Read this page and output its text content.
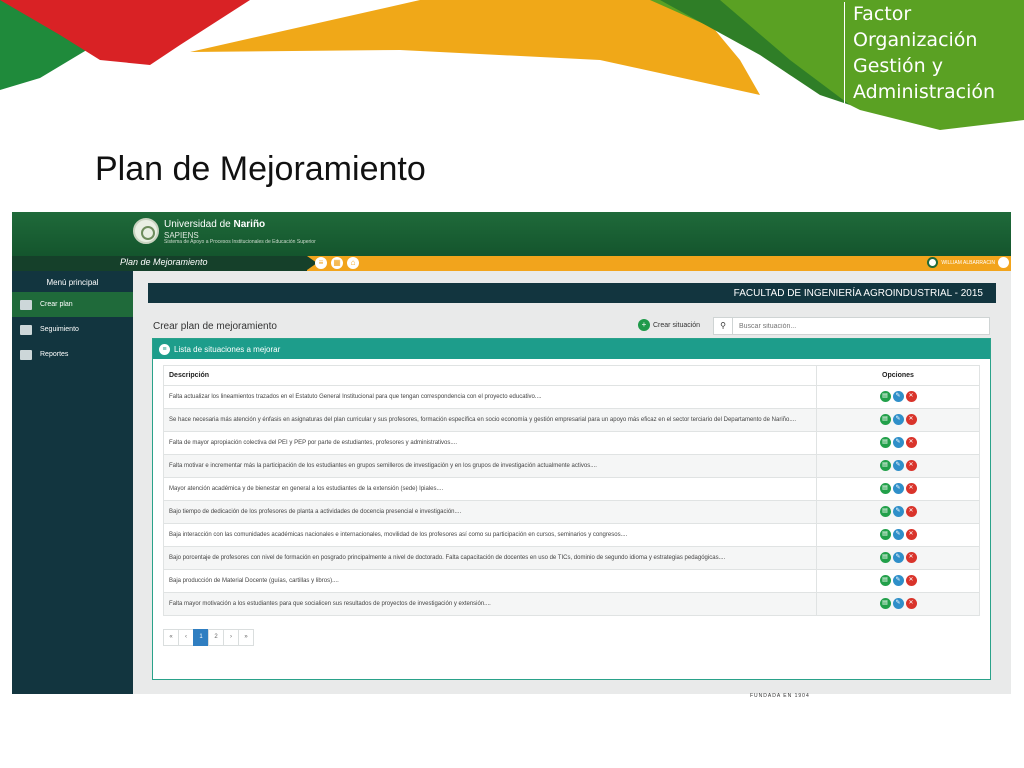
Factor
Organización
Gestión y
Administración
Plan de Mejoramiento
Universidad de Nariño
SAPIENS
Sistema de Apoyo a Procesos Institucionales de Educación Superior
Plan de Mejoramiento	≡	▦	⌂	WILLIAM ALBARRACIN
Menú principal
Crear plan
Seguimiento
Reportes
FACULTAD DE INGENIERÍA AGROINDUSTRIAL - 2015
Crear plan de mejoramiento	+ Crear situación	⚲
Buscar situación...
≡ Lista de situaciones a mejorar
Descripción	Opciones
Falta actualizar los lineamientos trazados en el Estatuto General Institucional para que tengan correspondencia con el proyecto educativo....	▤ ✎ ✕
Se hace necesaria más atención y énfasis en asignaturas del plan curricular y sus profesores, formación específica en socio economía y gestión empresarial para un apoyo más eficaz en el sector terciario del Departamento de Nariño....	▤ ✎ ✕
Falta de mayor apropiación colectiva del PEI y PEP por parte de estudiantes, profesores y administrativos....	▤ ✎ ✕
Falta motivar e incrementar más la participación de los estudiantes en grupos semilleros de investigación y en los grupos de investigación actualmente activos....	▤ ✎ ✕
Mayor atención académica y de bienestar en general a los estudiantes de la extensión (sede) Ipiales....	▤ ✎ ✕
Bajo tiempo de dedicación de los profesores de planta a actividades de docencia presencial e investigación....	▤ ✎ ✕
Baja interacción con las comunidades académicas nacionales e internacionales, movilidad de los profesores así como su participación en cursos, seminarios y congresos....	▤ ✎ ✕
Bajo porcentaje de profesores con nivel de formación en posgrado principalmente a nivel de doctorado. Falta capacitación de docentes en uso de TICs, dominio de segundo idioma y estrategias pedagógicas....	▤ ✎ ✕
Baja producción de Material Docente (guías, cartillas y libros)....	▤ ✎ ✕
Falta mayor motivación a los estudiantes para que socialicen sus resultados de proyectos de investigación y extensión....	▤ ✎ ✕
«	‹	1	2	›	»
FUNDADA EN 1904
